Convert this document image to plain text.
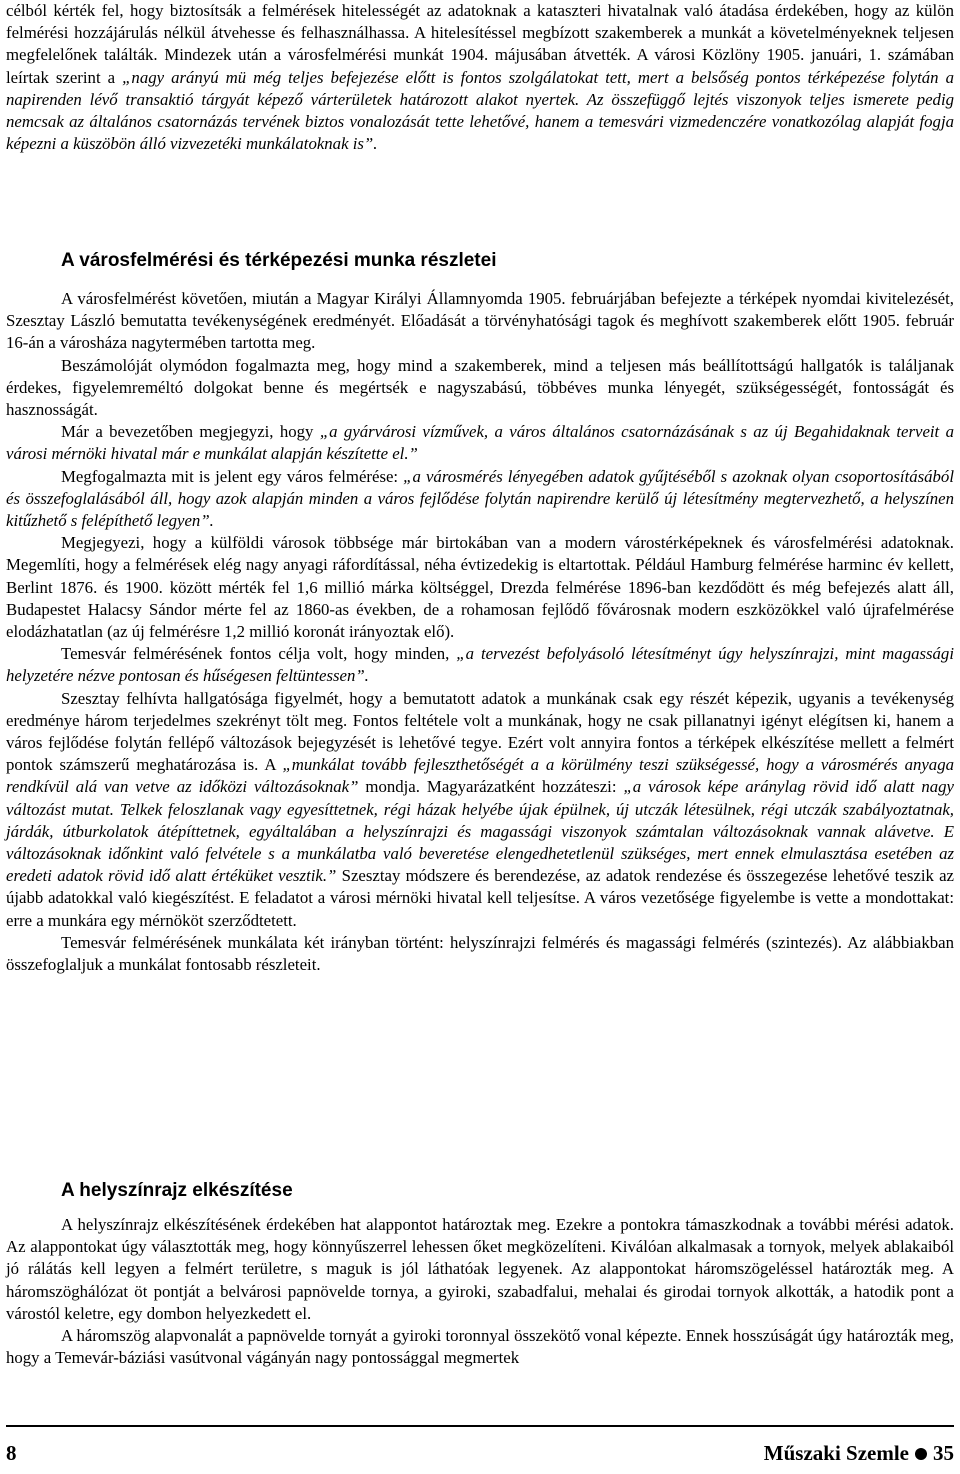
célból kérték fel, hogy biztosítsák a felmérések hitelességét az adatoknak a kataszteri hivatalnak való átadása érdekében, hogy az külön felmérési hozzájárulás nélkül átvehesse és felhasználhassa. A hitelesítéssel megbízott szakemberek a munkát a követelményeknek teljesen megfelelőnek találták. Mindezek után a városfelmérési munkát 1904. májusában átvették. A városi Közlöny 1905. januári, 1. számában leírtak szerint a „nagy arányú mü még teljes befejezése előtt is fontos szolgálatokat tett, mert a belsőség pontos térképezése folytán a napirenden lévő transaktió tárgyát képező várterületek határozott alakot nyertek. Az összefüggő lejtés viszonyok teljes ismerete pedig nemcsak az általános csatornázás tervének biztos vonalozását tette lehetővé, hanem a temesvári vizmedenczére vonatkozólag alapját fogja képezni a küszöbön álló vizvezetéki munkálatoknak is”.

A városfelmérési és térképezési munka részletei

A városfelmérést követően, miután a Magyar Királyi Államnyomda 1905. februárjában befejezte a térképek nyomdai kivitelezését, Szesztay László bemutatta tevékenységének eredményét. Előadását a törvényhatósági tagok és meghívott szakemberek előtt 1905. február 16-án a városháza nagytermében tartotta meg.

Beszámolóját olymódon fogalmazta meg, hogy mind a szakemberek, mind a teljesen más beállítottságú hallgatók is találjanak érdekes, figyelemreméltó dolgokat benne és megértsék e nagyszabású, többéves munka lényegét, szükségességét, fontosságát és hasznosságát.

Már a bevezetőben megjegyzi, hogy „a gyárvárosi vízművek, a város általános csatornázásának s az új Begahidaknak terveit a városi mérnöki hivatal már e munkálat alapján készítette el.”

Megfogalmazta mit is jelent egy város felmérése: „a városmérés lényegében adatok gyűjtéséből s azoknak olyan csoportosításából és összefoglalásából áll, hogy azok alapján minden a város fejlődése folytán napirendre kerülő új létesítmény megtervezhető, a helyszínen kitűzhető s felépíthető legyen”.

Megjegyezi, hogy a külföldi városok többsége már birtokában van a modern várostérképeknek és városfelmérési adatoknak. Megemlíti, hogy a felmérések elég nagy anyagi ráfordítással, néha évtizedekig is eltartottak. Például Hamburg felmérése harminc év kellett, Berlint 1876. és 1900. között mérték fel 1,6 millió márka költséggel, Drezda felmérése 1896-ban kezdődött és még befejezés alatt áll, Budapestet Halacsy Sándor mérte fel az 1860-as években, de a rohamosan fejlődő fővárosnak modern eszközökkel való újrafelmérése elodázhatatlan (az új felmérésre 1,2 millió koronát irányoztak elő).

Temesvár felmérésének fontos célja volt, hogy minden, „a tervezést befolyásoló létesítményt úgy helyszínrajzi, mint magassági helyzetére nézve pontosan és hűségesen feltüntessen”.

Szesztay felhívta hallgatósága figyelmét, hogy a bemutatott adatok a munkának csak egy részét képezik, ugyanis a tevékenység eredménye három terjedelmes szekrényt tölt meg. Fontos feltétele volt a munkának, hogy ne csak pillanatnyi igényt elégítsen ki, hanem a város fejlődése folytán fellépő változások bejegyzését is lehetővé tegye. Ezért volt annyira fontos a térképek elkészítése mellett a felmért pontok számszerű meghatározása is. A „munkálat tovább fejleszthetőségét a a körülmény teszi szükségessé, hogy a városmérés anyaga rendkívül alá van vetve az időközi változásoknak” mondja. Magyarázatként hozzáteszi: „a városok képe aránylag rövid idő alatt nagy változást mutat. Telkek feloszlanak vagy egyesíttetnek, régi házak helyébe újak épülnek, új utczák létesülnek, régi utczák szabályoztatnak, járdák, útburkolatok átépíttetnek, egyáltalában a helyszínrajzi és magassági viszonyok számtalan változásoknak vannak alávetve. E változásoknak időnkint való felvétele s a munkálatba való beveretése elengedhetetlenül szükséges, mert ennek elmulasztása esetében az eredeti adatok rövid idő alatt értéküket vesztik.” Szesztay módszere és berendezése, az adatok rendezése és összegezése lehetővé teszik az újabb adatokkal való kiegészítést. E feladatot a városi mérnöki hivatal kell teljesítse. A város vezetősége figyelembe is vette a mondottakat: erre a munkára egy mérnököt szerződtetett.

Temesvár felmérésének munkálata két irányban történt: helyszínrajzi felmérés és magassági felmérés (szintezés). Az alábbiakban összefoglaljuk a munkálat fontosabb részleteit.

A helyszínrajz elkészítése

A helyszínrajz elkészítésének érdekében hat alappontot határoztak meg. Ezekre a pontokra támaszkodnak a további mérési adatok. Az alappontokat úgy választották meg, hogy könnyűszerrel lehessen őket megközelíteni. Kiválóan alkalmasak a tornyok, melyek ablakaiból jó rálátás kell legyen a felmért területre, s maguk is jól láthatóak legyenek. Az alappontokat háromszögeléssel határozták meg. A háromszöghálózat öt pontját a belvárosi papnövelde tornya, a gyiroki, szabadfalui, mehalai és girodai tornyok alkották, a hatodik pont a várostól keletre, egy dombon helyezkedett el.

A háromszög alapvonalát a papnövelde tornyát a gyiroki toronnyal összekötő vonal képezte. Ennek hosszúságát úgy határozták meg, hogy a Temevár-báziási vasútvonal vágányán nagy pontossággal megmertek

8	Műszaki Szemle 35
